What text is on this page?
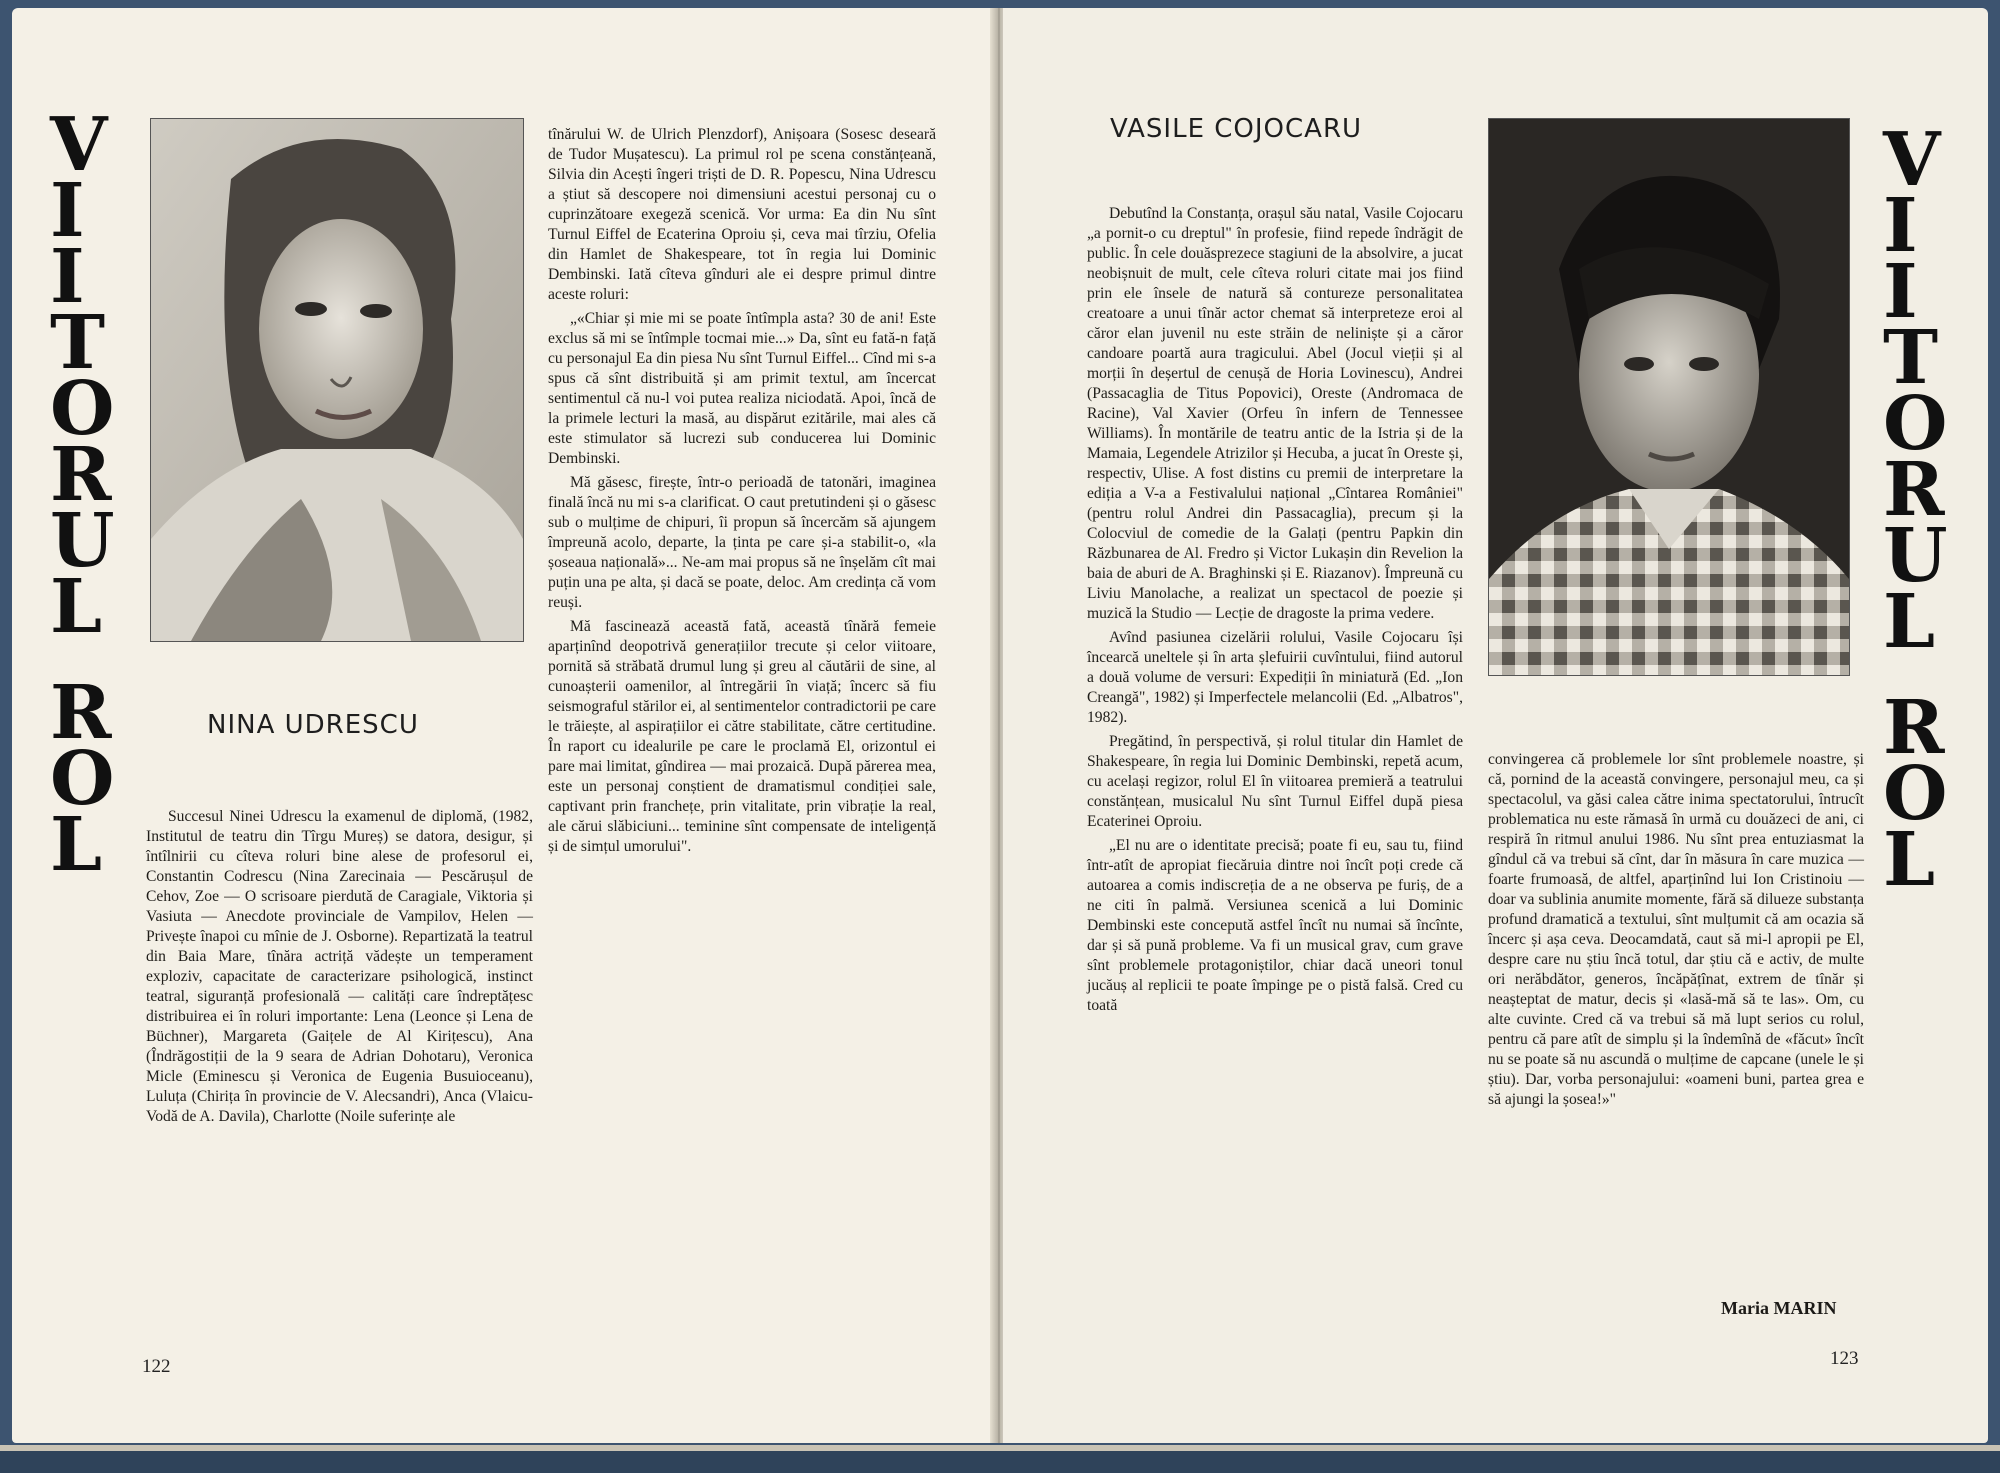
V
I
I
T
O
R
U
L
R
O
L
NINA UDRESCU

Succesul Ninei Udrescu la examenul de diplomă, (1982, Institutul de teatru din Tîrgu Mureș) se datora, desigur, și întîlnirii cu cîteva roluri bine alese de profesorul ei, Constantin Codrescu (Nina Zarecinaia — Pescărușul de Cehov, Zoe — O scrisoare pierdută de Caragiale, Viktoria și Vasiuta — Anecdote provinciale de Vampilov, Helen — Privește înapoi cu mînie de J. Osborne). Repartizată la teatrul din Baia Mare, tînăra actriță vădește un temperament exploziv, capacitate de caracterizare psihologică, instinct teatral, siguranță profesională — calități care îndreptățesc distribuirea ei în roluri importante: Lena (Leonce și Lena de Büchner), Margareta (Gaițele de Al Kirițescu), Ana (Îndrăgostiții de la 9 seara de Adrian Dohotaru), Veronica Micle (Eminescu și Veronica de Eugenia Busuioceanu), Luluța (Chirița în provincie de V. Alecsandri), Anca (Vlaicu-Vodă de A. Davila), Charlotte (Noile suferințe ale

tînărului W. de Ulrich Plenzdorf), Anișoara (Sosesc deseară de Tudor Mușatescu). La primul rol pe scena constănțeană, Silvia din Acești îngeri triști de D. R. Popescu, Nina Udrescu a știut să descopere noi dimensiuni acestui personaj cu o cuprinzătoare exegeză scenică. Vor urma: Ea din Nu sînt Turnul Eiffel de Ecaterina Oproiu și, ceva mai tîrziu, Ofelia din Hamlet de Shakespeare, tot în regia lui Dominic Dembinski. Iată cîteva gînduri ale ei despre primul dintre aceste roluri:

„«Chiar și mie mi se poate întîmpla asta? 30 de ani! Este exclus să mi se întîmple tocmai mie...» Da, sînt eu fată-n față cu personajul Ea din piesa Nu sînt Turnul Eiffel... Cînd mi s-a spus că sînt distribuită și am primit textul, am încercat sentimentul că nu-l voi putea realiza niciodată. Apoi, încă de la primele lecturi la masă, au dispărut ezitările, mai ales că este stimulator să lucrezi sub conducerea lui Dominic Dembinski.

Mă găsesc, firește, într-o perioadă de tatonări, imaginea finală încă nu mi s-a clarificat. O caut pretutindeni și o găsesc sub o mulțime de chipuri, îi propun să încercăm să ajungem împreună acolo, departe, la ținta pe care și-a stabilit-o, «la șoseaua națională»... Ne-am mai propus să ne înșelăm cît mai puțin una pe alta, și dacă se poate, deloc. Am credința că vom reuși.

Mă fascinează această fată, această tînără femeie aparținînd deopotrivă generațiilor trecute și celor viitoare, pornită să străbată drumul lung și greu al căutării de sine, al cunoașterii oamenilor, al întregării în viață; încerc să fiu seismograful stărilor ei, al sentimentelor contradictorii pe care le trăiește, al aspirațiilor ei către stabilitate, către certitudine. În raport cu idealurile pe care le proclamă El, orizontul ei pare mai limitat, gîndirea — mai prozaică. După părerea mea, este un personaj conștient de dramatismul condiției sale, captivant prin franchețe, prin vitalitate, prin vibrație la real, ale cărui slăbiciuni... teminine sînt compensate de inteligență și de simțul umorului".

122
VASILE COJOCARU

Debutînd la Constanța, orașul său natal, Vasile Cojocaru „a pornit-o cu dreptul" în profesie, fiind repede îndrăgit de public. În cele douăsprezece stagiuni de la absolvire, a jucat neobișnuit de mult, cele cîteva roluri citate mai jos fiind prin ele însele de natură să contureze personalitatea creatoare a unui tînăr actor chemat să interpreteze eroi al căror elan juvenil nu este străin de neliniște și a căror candoare poartă aura tragicului. Abel (Jocul vieții și al morții în deșertul de cenușă de Horia Lovinescu), Andrei (Passacaglia de Titus Popovici), Oreste (Andromaca de Racine), Val Xavier (Orfeu în infern de Tennessee Williams). În montările de teatru antic de la Istria și de la Mamaia, Legendele Atrizilor și Hecuba, a jucat în Oreste și, respectiv, Ulise. A fost distins cu premii de interpretare la ediția a V-a a Festivalului național „Cîntarea României" (pentru rolul Andrei din Passacaglia), precum și la Colocviul de comedie de la Galați (pentru Papkin din Răzbunarea de Al. Fredro și Victor Lukașin din Revelion la baia de aburi de A. Braghinski și E. Riazanov). Împreună cu Liviu Manolache, a realizat un spectacol de poezie și muzică la Studio — Lecție de dragoste la prima vedere.

Avînd pasiunea cizelării rolului, Vasile Cojocaru își încearcă uneltele și în arta șlefuirii cuvîntului, fiind autorul a două volume de versuri: Expediții în miniatură (Ed. „Ion Creangă", 1982) și Imperfectele melancolii (Ed. „Albatros", 1982).

Pregătind, în perspectivă, și rolul titular din Hamlet de Shakespeare, în regia lui Dominic Dembinski, repetă acum, cu același regizor, rolul El în viitoarea premieră a teatrului constănțean, musicalul Nu sînt Turnul Eiffel după piesa Ecaterinei Oproiu.

„El nu are o identitate precisă; poate fi eu, sau tu, fiind într-atît de apropiat fiecăruia dintre noi încît poți crede că autoarea a comis indiscreția de a ne observa pe furiș, de a ne citi în palmă. Versiunea scenică a lui Dominic Dembinski este concepută astfel încît nu numai să încînte, dar și să pună probleme. Va fi un musical grav, cum grave sînt problemele protagoniștilor, chiar dacă uneori tonul jucăuș al replicii te poate împinge pe o pistă falsă. Cred cu toată

convingerea că problemele lor sînt problemele noastre, și că, pornind de la această convingere, personajul meu, ca și spectacolul, va găsi calea către inima spectatorului, întrucît problematica nu este rămasă în urmă cu douăzeci de ani, ci respiră în ritmul anului 1986. Nu sînt prea entuziasmat la gîndul că va trebui să cînt, dar în măsura în care muzica — foarte frumoasă, de altfel, aparținînd lui Ion Cristinoiu — doar va sublinia anumite momente, fără să dilueze substanța profund dramatică a textului, sînt mulțumit că am ocazia să încerc și așa ceva. Deocamdată, caut să mi-l apropii pe El, despre care nu știu încă totul, dar știu că e activ, de multe ori nerăbdător, generos, încăpățînat, extrem de tînăr și neașteptat de matur, decis și «lasă-mă să te las». Om, cu alte cuvinte. Cred că va trebui să mă lupt serios cu rolul, pentru că pare atît de simplu și la îndemînă de «făcut» încît nu se poate să nu ascundă o mulțime de capcane (unele le și știu). Dar, vorba personajului: «oameni buni, partea grea e să ajungi la șosea!»"

Maria MARIN
V
I
I
T
O
R
U
L
R
O
L
123
